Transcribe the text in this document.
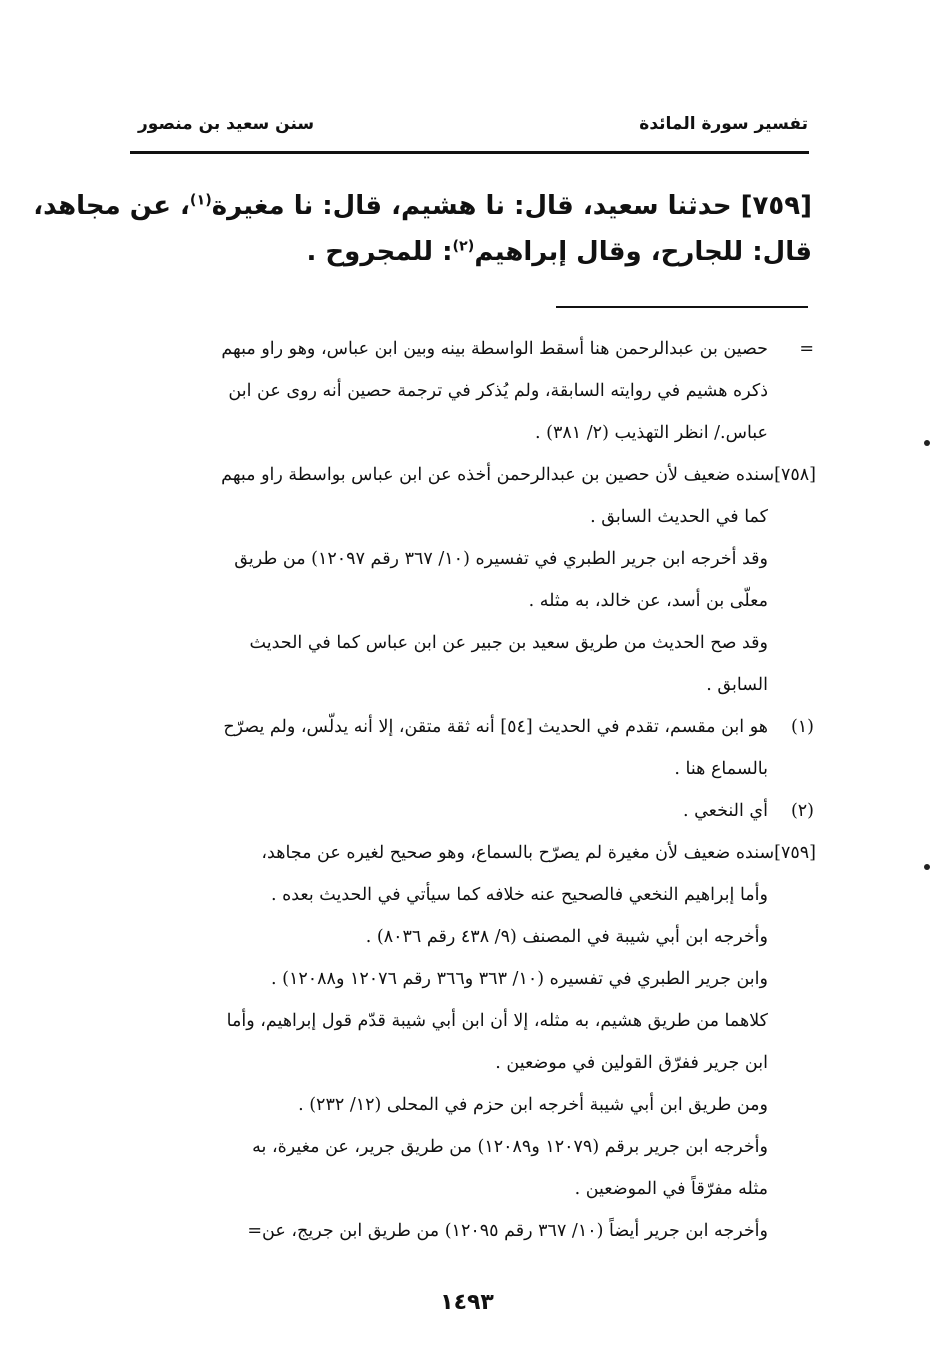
تفسير سورة المائدة
سنن سعيد بن منصور

[٧٥٩] حدثنا سعيد، قال: نا هشيم، قال: نا مغيرة$^{(١)}$، عن مجاهد،

قال: للجارح، وقال إبراهيم$^{(٢)}$: للمجروح .

=
حصين بن عبدالرحمن هنا أسقط الواسطة بينه وبين ابن عباس، وهو راو مبهم
ذكره هشيم في روايته السابقة، ولم يُذكر في ترجمة حصين أنه روى عن ابن
عباس./ انظر التهذيب (٢/ ٣٨١) .
[٧٥٨]سنده ضعيف لأن حصين بن عبدالرحمن أخذه عن ابن عباس بواسطة راو مبهم
كما في الحديث السابق .
وقد أخرجه ابن جرير الطبري في تفسيره (١٠/ ٣٦٧ رقم ١٢٠٩٧) من طريق
معلّى بن أسد، عن خالد، به مثله .
وقد صح الحديث من طريق سعيد بن جبير عن ابن عباس كما في الحديث
السابق .
(١)
هو ابن مقسم، تقدم في الحديث [٥٤] أنه ثقة متقن، إلا أنه يدلّس، ولم يصرّح
بالسماع هنا .
(٢)
أي النخعي .
[٧٥٩]سنده ضعيف لأن مغيرة لم يصرّح بالسماع، وهو صحيح لغيره عن مجاهد،
وأما إبراهيم النخعي فالصحيح عنه خلافه كما سيأتي في الحديث بعده .
وأخرجه ابن أبي شيبة في المصنف (٩/ ٤٣٨ رقم ٨٠٣٦) .
وابن جرير الطبري في تفسيره (١٠/ ٣٦٣ و٣٦٦ رقم ١٢٠٧٦ و١٢٠٨٨) .
كلاهما من طريق هشيم، به مثله، إلا أن ابن أبي شيبة قدّم قول إبراهيم، وأما
ابن جرير ففرّق القولين في موضعين .
ومن طريق ابن أبي شيبة أخرجه ابن حزم في المحلى (١٢/ ٢٣٢) .
وأخرجه ابن جرير برقم (١٢٠٧٩ و١٢٠٨٩) من طريق جرير، عن مغيرة، به
مثله مفرّقاً في الموضعين .
وأخرجه ابن جرير أيضاً (١٠/ ٣٦٧ رقم ١٢٠٩٥) من طريق ابن جريج، عن=
١٤٩٣
